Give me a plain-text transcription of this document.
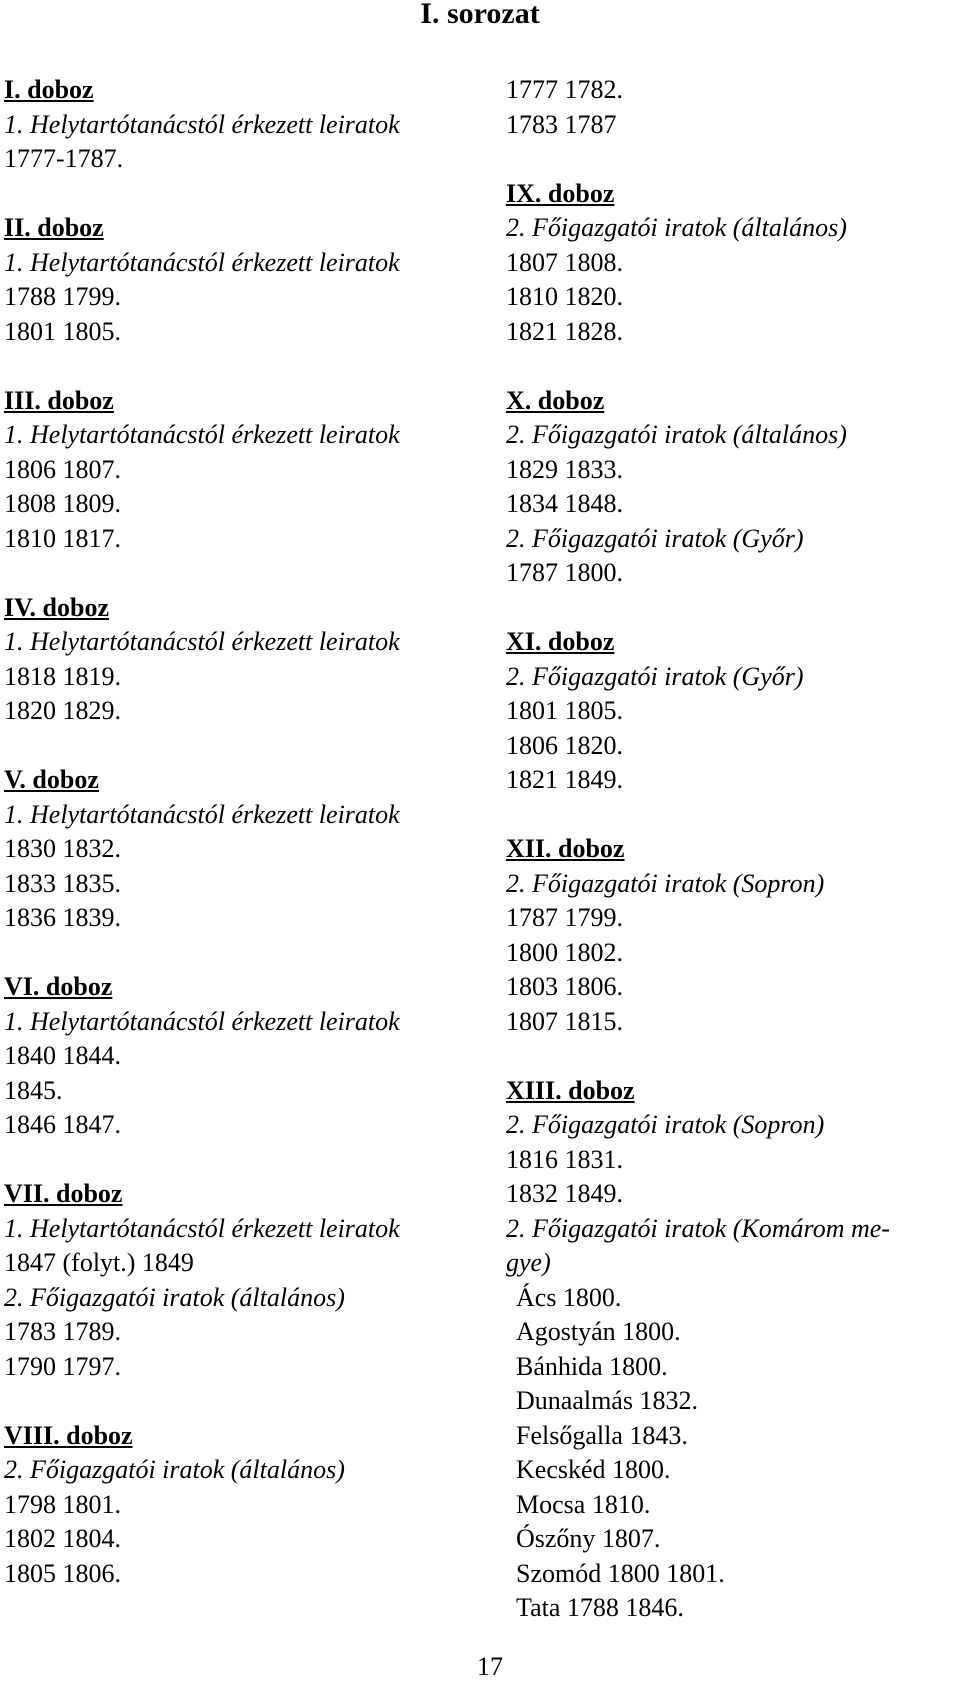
I. sorozat
I. doboz
1. Helytartótanácstól érkezett leiratok
1777-1787.
II. doboz
1. Helytartótanácstól érkezett leiratok
1788 1799.
1801 1805.
III. doboz
1. Helytartótanácstól érkezett leiratok
1806 1807.
1808 1809.
1810 1817.
IV. doboz
1. Helytartótanácstól érkezett leiratok
1818 1819.
1820 1829.
V. doboz
1. Helytartótanácstól érkezett leiratok
1830 1832.
1833 1835.
1836 1839.
VI. doboz
1. Helytartótanácstól érkezett leiratok
1840 1844.
1845.
1846 1847.
VII. doboz
1. Helytartótanácstól érkezett leiratok
1847 (folyt.) 1849
2. Főigazgatói iratok (általános)
1783 1789.
1790 1797.
VIII. doboz
2. Főigazgatói iratok (általános)
1798 1801.
1802 1804.
1805 1806.
1777 1782.
1783 1787
IX. doboz
2. Főigazgatói iratok (általános)
1807 1808.
1810 1820.
1821 1828.
X. doboz
2. Főigazgatói iratok (általános)
1829 1833.
1834 1848.
2. Főigazgatói iratok (Győr)
1787 1800.
XI. doboz
2. Főigazgatói iratok (Győr)
1801 1805.
1806 1820.
1821 1849.
XII. doboz
2. Főigazgatói iratok (Sopron)
1787 1799.
1800 1802.
1803 1806.
1807 1815.
XIII. doboz
2. Főigazgatói iratok (Sopron)
1816 1831.
1832 1849.
2. Főigazgatói iratok (Komárom me-
gye)
Ács 1800.
Agostyán 1800.
Bánhida 1800.
Dunaalmás 1832.
Felsőgalla 1843.
Kecskéd 1800.
Mocsa 1810.
Ószőny 1807.
Szomód 1800 1801.
Tata 1788 1846.
17
